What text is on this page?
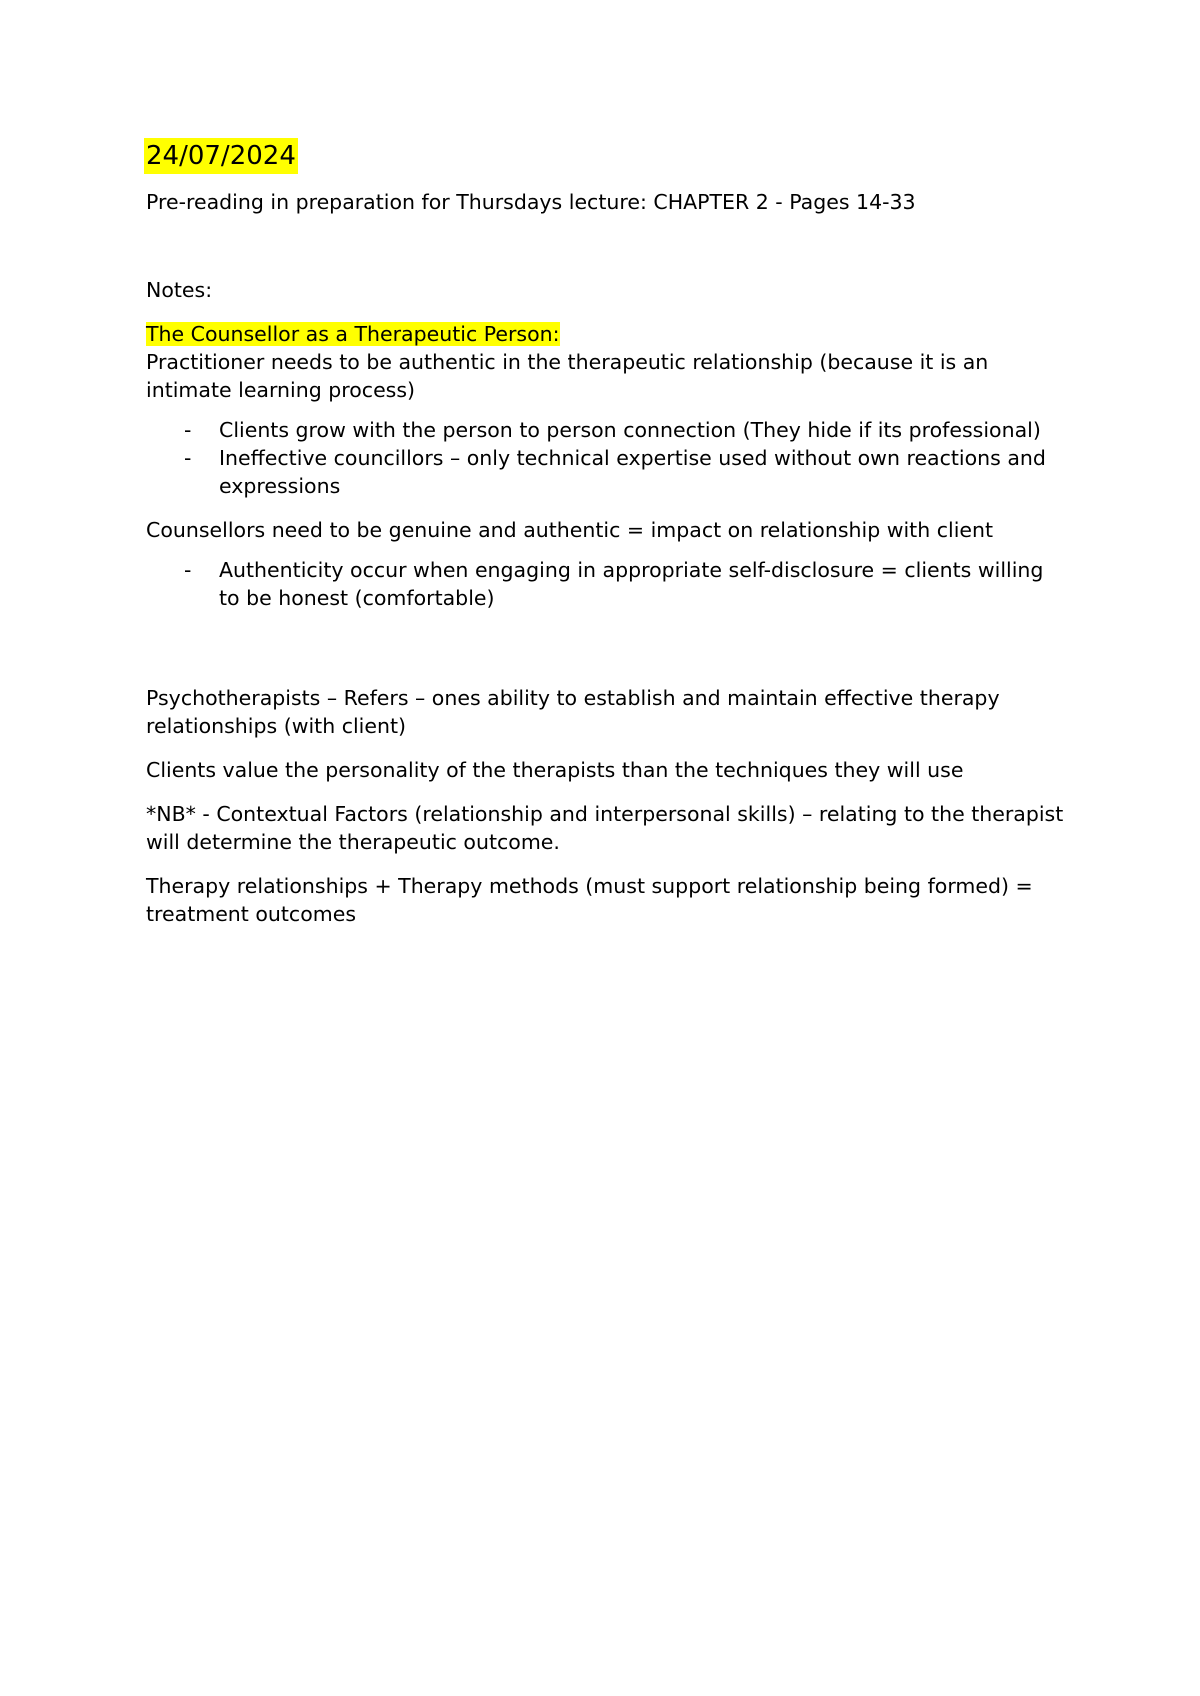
24/07/2024

Pre-reading in preparation for Thursdays lecture: CHAPTER 2 - Pages 14-33

Notes:

The Counsellor as a Therapeutic Person:

Practitioner needs to be authentic in the therapeutic relationship (because it is an intimate learning process)

- Clients grow with the person to person connection (They hide if its professional)
- Ineffective councillors – only technical expertise used without own reactions and expressions

Counsellors need to be genuine and authentic = impact on relationship with client

- Authenticity occur when engaging in appropriate self-disclosure = clients willing to be honest (comfortable)

Psychotherapists – Refers – ones ability to establish and maintain effective therapy relationships (with client)

Clients value the personality of the therapists than the techniques they will use

*NB* - Contextual Factors (relationship and interpersonal skills) – relating to the therapist will determine the therapeutic outcome.

Therapy relationships + Therapy methods (must support relationship being formed) = treatment outcomes
